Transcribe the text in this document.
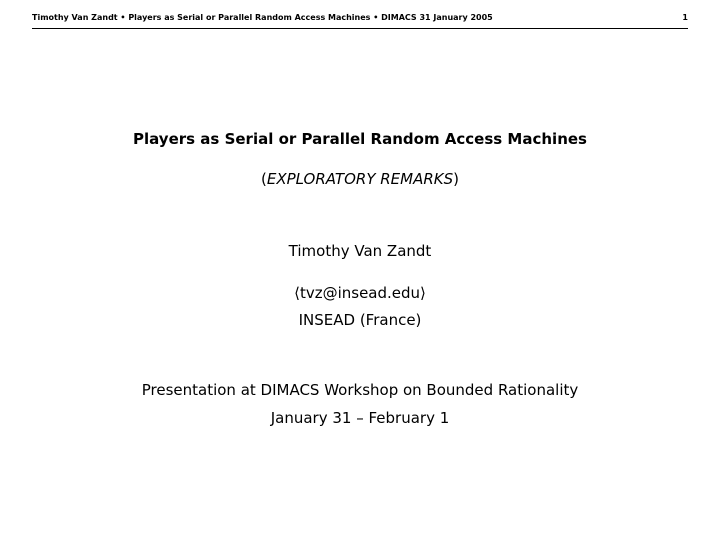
Timothy Van Zandt • Players as Serial or Parallel Random Access Machines • DIMACS 31 January 2005	1
Players as Serial or Parallel Random Access Machines
(EXPLORATORY REMARKS)
Timothy Van Zandt
⟨tvz@insead.edu⟩
INSEAD (France)
Presentation at DIMACS Workshop on Bounded Rationality
January 31 – February 1
